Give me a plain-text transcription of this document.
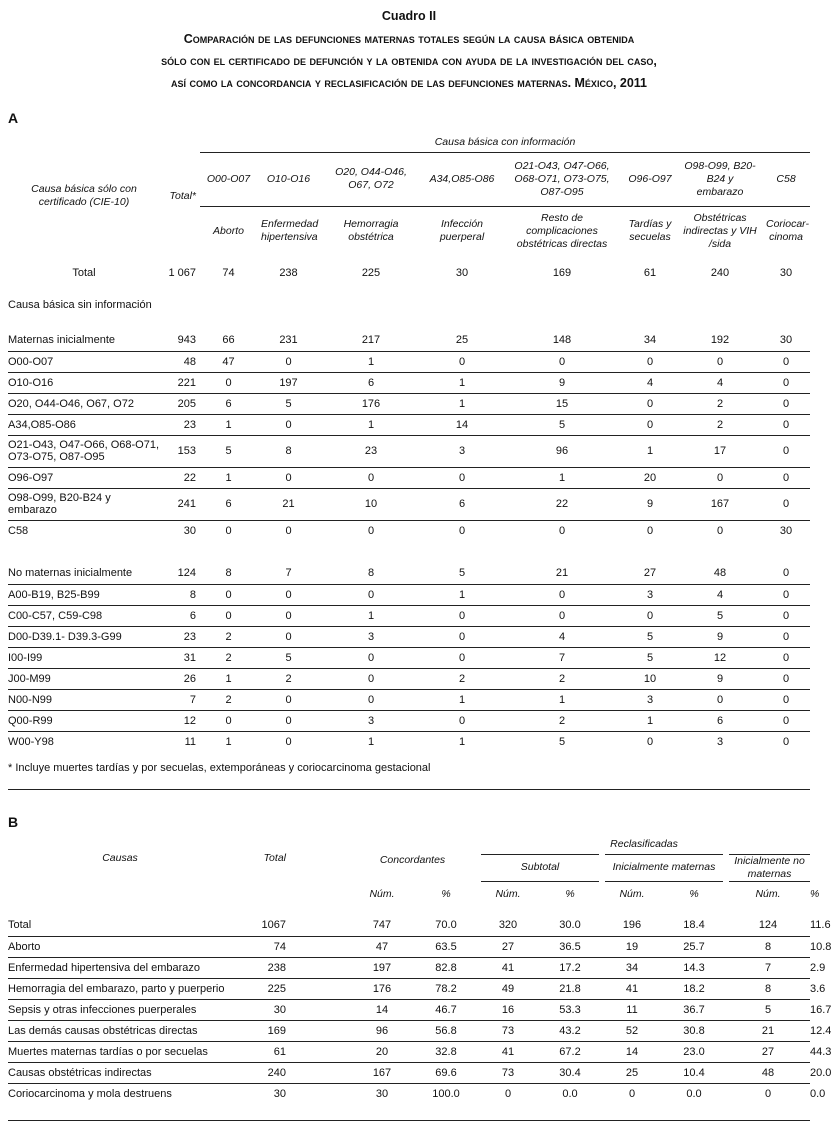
Cuadro II
Comparación de las defunciones maternas totales según la causa básica obtenida
sólo con el certificado de defunción y la obtenida con ayuda de la investigación del caso,
así como la concordancia y reclasificación de las defunciones maternas. México, 2011
A
Causa básica sólo con certificado (CIE-10)	Total*	Causa básica con información							
		O00-O07	O10-O16	O20, O44-O46, O67, O72	A34,O85-O86	O21-O43, O47-O66, O68-O71, O73-O75, O87-O95	O96-O97	O98-O99, B20-B24 y embarazo	C58
		Aborto	Enfermedad hipertensiva	Hemorragia obstétrica	Infección puerperal	Resto de complicaciones obstétricas directas	Tardías y secuelas	Obstétricas indirectas y VIH /sida	Coriocar-cinoma
Total	1 067	74	238	225	30	169	61	240	30
Causa básica sin información									

Maternas inicialmente	943	66	231	217	25	148	34	192	30
O00-O07	48	47	0	1	0	0	0	0	0
O10-O16	221	0	197	6	1	9	4	4	0
O20, O44-O46, O67, O72	205	6	5	176	1	15	0	2	0
A34,O85-O86	23	1	0	1	14	5	0	2	0
O21-O43, O47-O66, O68-O71, O73-O75, O87-O95	153	5	8	23	3	96	1	17	0
O96-O97	22	1	0	0	0	1	20	0	0
O98-O99, B20-B24 y embarazo	241	6	21	10	6	22	9	167	0
C58	30	0	0	0	0	0	0	0	30

No maternas inicialmente	124	8	7	8	5	21	27	48	0
A00-B19, B25-B99	8	0	0	0	1	0	3	4	0
C00-C57, C59-C98	6	0	0	1	0	0	0	5	0
D00-D39.1- D39.3-G99	23	2	0	3	0	4	5	9	0
I00-I99	31	2	5	0	0	7	5	12	0
J00-M99	26	1	2	0	2	2	10	9	0
N00-N99	7	2	0	0	1	1	3	0	0
Q00-R99	12	0	0	3	0	2	1	6	0
W00-Y98	11	1	0	1	1	5	0	3	0
* Incluye muertes tardías y por secuelas, extemporáneas y coriocarcinoma gestacional
B
Causas	Total		Concordantes		Reclasificadas					
					Subtotal		Inicialmente maternas		Inicialmente no maternas	
			Núm.	%	Núm.	%	Núm.	%	Núm.	%

Total	1067		747	70.0	320	30.0	196	18.4	124	11.6
Aborto	74		47	63.5	27	36.5	19	25.7	8	10.8
Enfermedad hipertensiva del embarazo	238		197	82.8	41	17.2	34	14.3	7	2.9
Hemorragia del embarazo, parto y puerperio	225		176	78.2	49	21.8	41	18.2	8	3.6
Sepsis y otras infecciones puerperales	30		14	46.7	16	53.3	11	36.7	5	16.7
Las demás causas obstétricas directas	169		96	56.8	73	43.2	52	30.8	21	12.4
Muertes maternas tardías o por secuelas	61		20	32.8	41	67.2	14	23.0	27	44.3
Causas obstétricas indirectas	240		167	69.6	73	30.4	25	10.4	48	20.0
Coriocarcinoma y mola destruens	30		30	100.0	0	0.0	0	0.0	0	0.0
